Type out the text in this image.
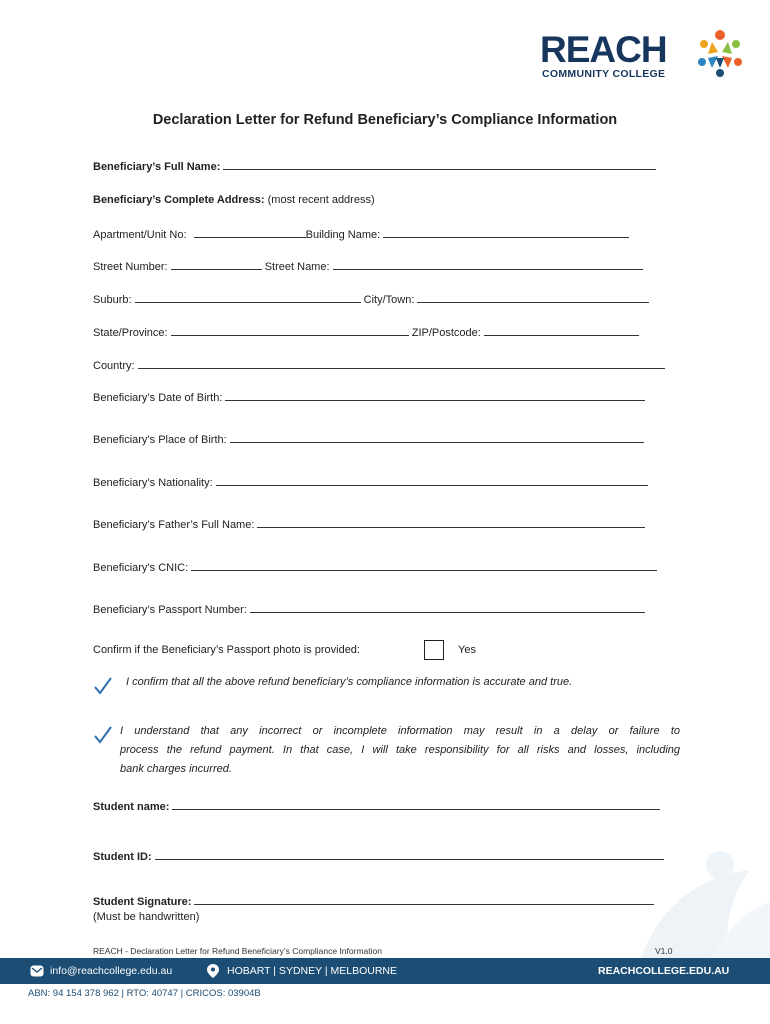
REACH
COMMUNITY COLLEGE
Declaration Letter for Refund Beneficiary’s Compliance Information
Beneficiary’s Full Name:
Beneficiary’s Complete Address: (most recent address)
Apartment/Unit No:	Building Name:
Street Number:	Street Name:
Suburb:	City/Town:
State/Province:	ZIP/Postcode:
Country:
Beneficiary’s Date of Birth:
Beneficiary’s Place of Birth:
Beneficiary’s Nationality:
Beneficiary’s Father’s Full Name:
Beneficiary’s CNIC:
Beneficiary’s Passport Number:
Confirm if the Beneficiary’s Passport photo is provided:	Yes
I confirm that all the above refund beneficiary’s compliance information is accurate and true.
I understand that any incorrect or incomplete information may result in a delay or failure to
process the refund payment. In that case, I will take responsibility for all risks and losses, including
bank charges incurred.
Student name:
Student ID:
Student Signature:
(Must be handwritten)
REACH - Declaration Letter for Refund Beneficiary’s Compliance Information	V1.0
info@reachcollege.edu.au	HOBART | SYDNEY | MELBOURNE	REACHCOLLEGE.EDU.AU
ABN: 94 154 378 962 | RTO: 40747 | CRICOS: 03904B
